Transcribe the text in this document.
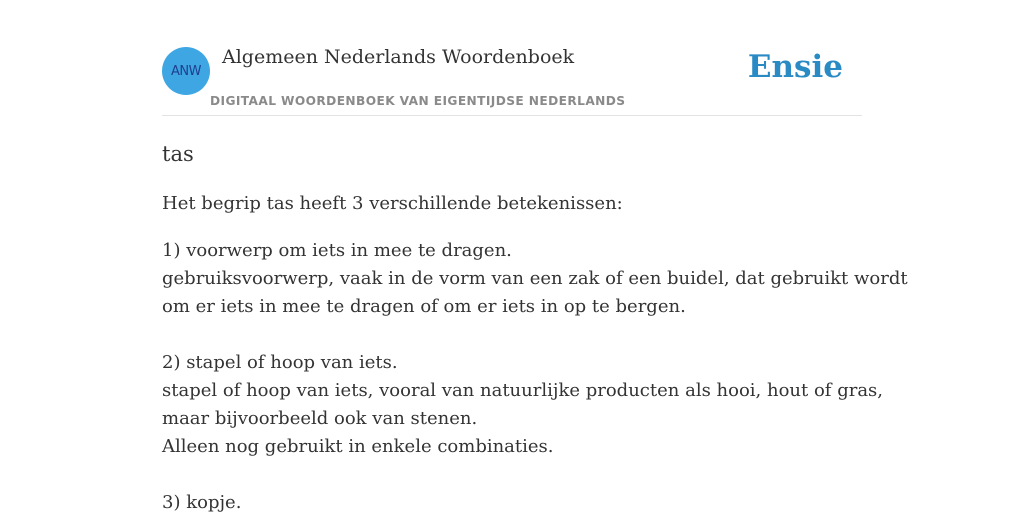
ANW
Algemeen Nederlands Woordenboek
DIGITAAL WOORDENBOEK VAN EIGENTIJDSE NEDERLANDS
Ensie
tas

Het begrip tas heeft 3 verschillende betekenissen:

1) voorwerp om iets in mee te dragen.
gebruiksvoorwerp, vaak in de vorm van een zak of een buidel, dat gebruikt wordt
om er iets in mee te dragen of om er iets in op te bergen.
2) stapel of hoop van iets.
stapel of hoop van iets, vooral van natuurlijke producten als hooi, hout of gras,
maar bijvoorbeeld ook van stenen.
Alleen nog gebruikt in enkele combinaties.
3) kopje.
